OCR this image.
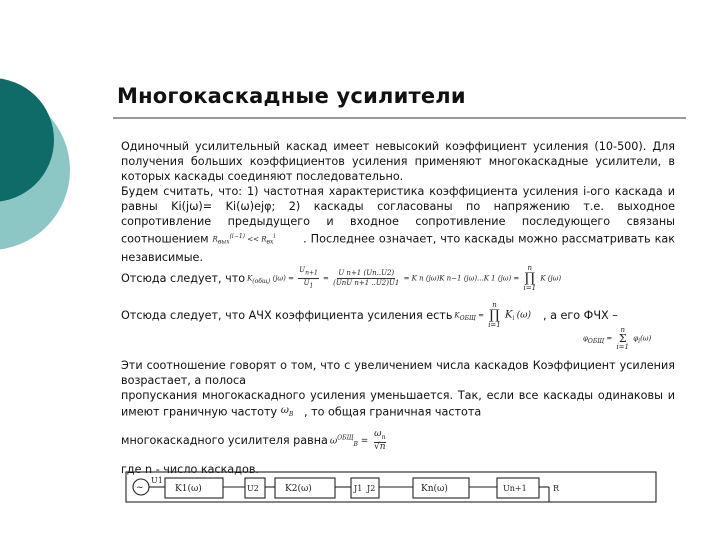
Многокаскадные усилители

Одиночный усилительный каскад имеет невысокий коэффициент усиления (10-500). Для получения больших коэффициентов усиления применяют многокаскадные усилители, в которых каскады соединяют последовательно.

Будем считать, что: 1) частотная характеристика коэффициента усиления i-ого каскада и равны Ki(jω)= Ki(ω)ejφ; 2) каскады согласованы по напряжению т.е. выходное сопротивление предыдущего и входное сопротивление последующего связаны соотношением $R_{вых}^{(i-1)} << R_{вх}^i$ . Последнее означает, что каскады можно рассматривать как независимые.

Отсюда следует, что $K_{(общ)}$ $(j\omega) = \frac{U_{n+1}}{U_1} = \frac{\text{U n+1 (Un..U2)}}{\text{(UnU n+1 ..U2)U1}} = K$ n (jω)K n−1 (jω)...K 1 (jω) =
n
∏
i=1
K (jω)
Отсюда следует, что АЧХ коэффициента усиления есть $K_{ОБЩ}$ =
n
∏
i=1
$K_i$ (ω) , а его ФЧХ –
$\varphi_{ОБЩ}$ =
n
Σ
i=1
$\varphi_i(\omega)$

Эти соотношение говорят о том, что с увеличением числа каскадов Коэффициент усиления возрастает, а полоса

пропускания многокаскадного усиления уменьшается. Так, если все каскады одинаковы и имеют граничную частоту $\omega_B$ , то общая граничная частота

многокаскадного усилителя равна $\omega^{ОБЩ}_B = \frac{\omega_n}{√n}$

где n - число каскадов.

~
U1
K1(ω)	U2	K2(ω)	J1 J2	Kn(ω)	Un+1	R
